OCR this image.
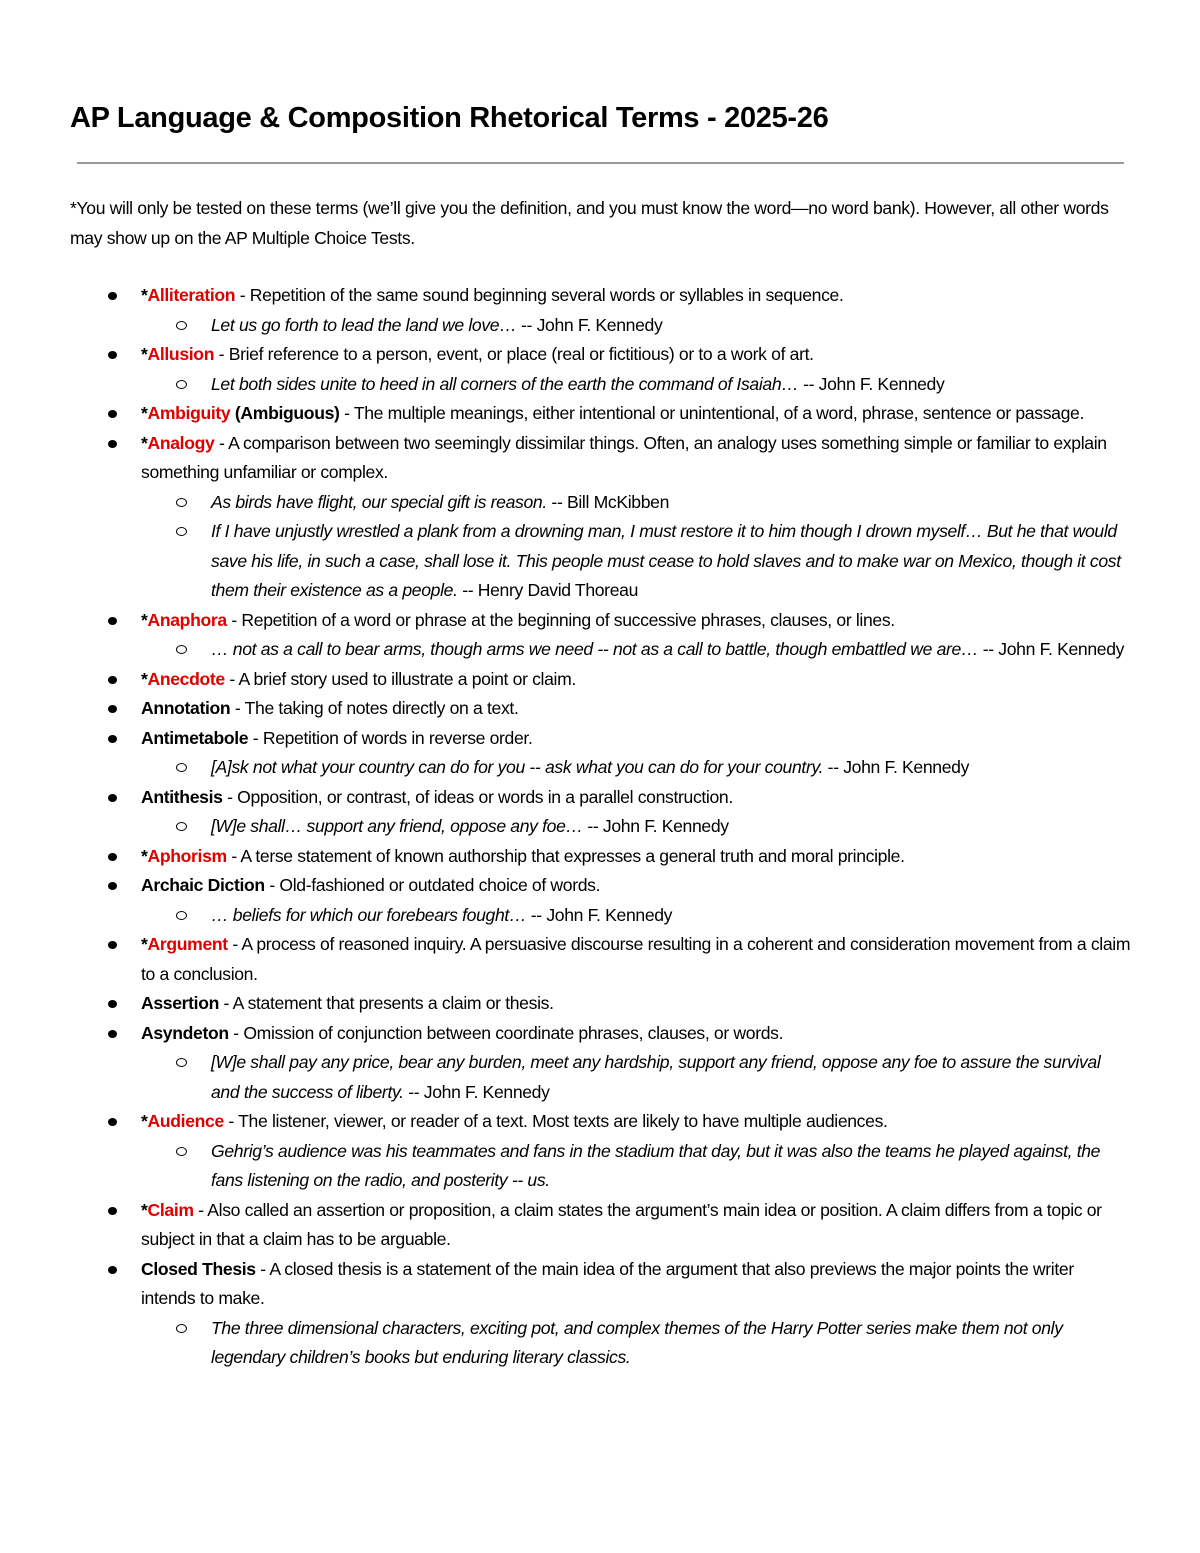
AP Language & Composition Rhetorical Terms - 2025-26

*You will only be tested on these terms (we’ll give you the definition, and you must know the word—no word bank). However, all other words may show up on the AP Multiple Choice Tests.

*Alliteration - Repetition of the same sound beginning several words or syllables in sequence.
Let us go forth to lead the land we love… -- John F. Kennedy
*Allusion - Brief reference to a person, event, or place (real or fictitious) or to a work of art.
Let both sides unite to heed in all corners of the earth the command of Isaiah… -- John F. Kennedy
*Ambiguity (Ambiguous) - The multiple meanings, either intentional or unintentional, of a word, phrase, sentence or passage.
*Analogy - A comparison between two seemingly dissimilar things. Often, an analogy uses something simple or familiar to explain something unfamiliar or complex.
As birds have flight, our special gift is reason. -- Bill McKibben
If I have unjustly wrestled a plank from a drowning man, I must restore it to him though I drown myself… But he that would save his life, in such a case, shall lose it. This people must cease to hold slaves and to make war on Mexico, though it cost them their existence as a people. -- Henry David Thoreau
*Anaphora - Repetition of a word or phrase at the beginning of successive phrases, clauses, or lines.
… not as a call to bear arms, though arms we need -- not as a call to battle, though embattled we are… -- John F. Kennedy
*Anecdote - A brief story used to illustrate a point or claim.
Annotation - The taking of notes directly on a text.
Antimetabole - Repetition of words in reverse order.
[A]sk not what your country can do for you -- ask what you can do for your country. -- John F. Kennedy
Antithesis - Opposition, or contrast, of ideas or words in a parallel construction.
[W]e shall… support any friend, oppose any foe… -- John F. Kennedy
*Aphorism - A terse statement of known authorship that expresses a general truth and moral principle.
Archaic Diction - Old-fashioned or outdated choice of words.
… beliefs for which our forebears fought… -- John F. Kennedy
*Argument - A process of reasoned inquiry. A persuasive discourse resulting in a coherent and consideration movement from a claim to a conclusion.
Assertion - A statement that presents a claim or thesis.
Asyndeton - Omission of conjunction between coordinate phrases, clauses, or words.
[W]e shall pay any price, bear any burden, meet any hardship, support any friend, oppose any foe to assure the survival and the success of liberty. -- John F. Kennedy
*Audience - The listener, viewer, or reader of a text. Most texts are likely to have multiple audiences.
Gehrig’s audience was his teammates and fans in the stadium that day, but it was also the teams he played against, the fans listening on the radio, and posterity -- us.
*Claim - Also called an assertion or proposition, a claim states the argument’s main idea or position. A claim differs from a topic or subject in that a claim has to be arguable.
Closed Thesis - A closed thesis is a statement of the main idea of the argument that also previews the major points the writer intends to make.
The three dimensional characters, exciting pot, and complex themes of the Harry Potter series make them not only legendary children’s books but enduring literary classics.
